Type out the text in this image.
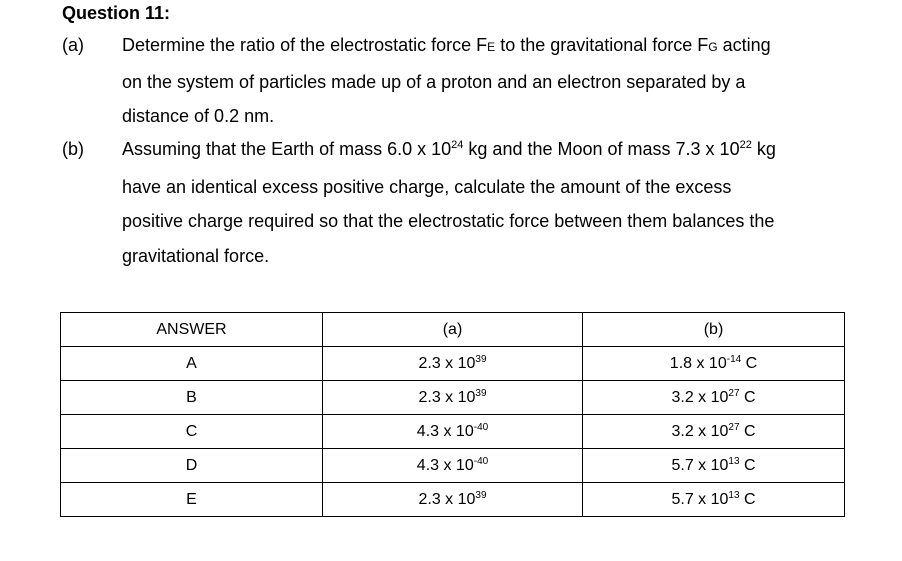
Question 11:
(a) Determine the ratio of the electrostatic force FE to the gravitational force FG acting
on the system of particles made up of a proton and an electron separated by a
distance of 0.2 nm.
(b) Assuming that the Earth of mass 6.0 x $10^{24}$ kg and the Moon of mass 7.3 x $10^{22}$ kg
have an identical excess positive charge, calculate the amount of the excess
positive charge required so that the electrostatic force between them balances the
gravitational force.
ANSWER	(a)	(b)
A	2.3 x $10^{39}$	1.8 x $10^{-14}$ C
B	2.3 x $10^{39}$	3.2 x $10^{27}$ C
C	4.3 x $10^{-40}$	3.2 x $10^{27}$ C
D	4.3 x $10^{-40}$	5.7 x $10^{13}$ C
E	2.3 x $10^{39}$	5.7 x $10^{13}$ C
